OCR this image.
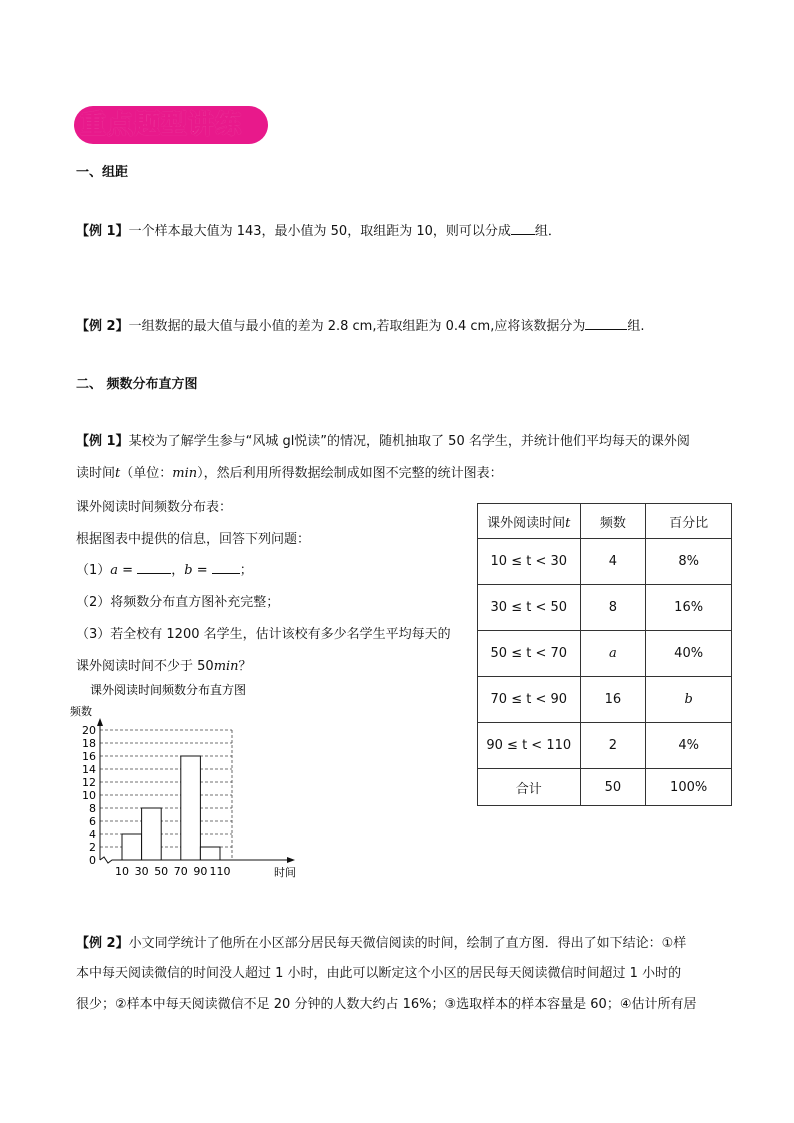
重点题型讲练
一、组距
【例 1】一个样本最大值为 143，最小值为 50，取组距为 10，则可以分成 组．
【例 2】一组数据的最大值与最小值的差为 2.8 cm,若取组距为 0.4 cm,应将该数据分为	组.
二、 频数分布直方图
【例 1】某校为了解学生参与“风城 gl悦读”的情况，随机抽取了 50 名学生，并统计他们平均每天的课外阅
读时间t（单位：min），然后利用所得数据绘制成如图不完整的统计图表：
课外阅读时间频数分布表：
根据图表中提供的信息，回答下列问题：
（1）a =	，b = ；
（2）将频数分布直方图补充完整；
（3）若全校有 1200 名学生，估计该校有多少名学生平均每天的
课外阅读时间不少于 50min？
课外阅读时间t	频数	百分比
10 ≤ t < 30	4	8%
30 ≤ t < 50	8	16%
50 ≤ t < 70	a	40%
70 ≤ t < 90	16	b
90 ≤ t < 110	2	4%
合计	50	100%
课外阅读时间频数分布直方图
频数
时间
0
2
4
6
8
10
12
14
16
18
20
10 30 50 70 90 110
【例 2】小文同学统计了他所在小区部分居民每天微信阅读的时间，绘制了直方图．得出了如下结论：①样
本中每天阅读微信的时间没人超过 1 小时，由此可以断定这个小区的居民每天阅读微信时间超过 1 小时的
很少；②样本中每天阅读微信不足 20 分钟的人数大约占 16%；③选取样本的样本容量是 60；④估计所有居
